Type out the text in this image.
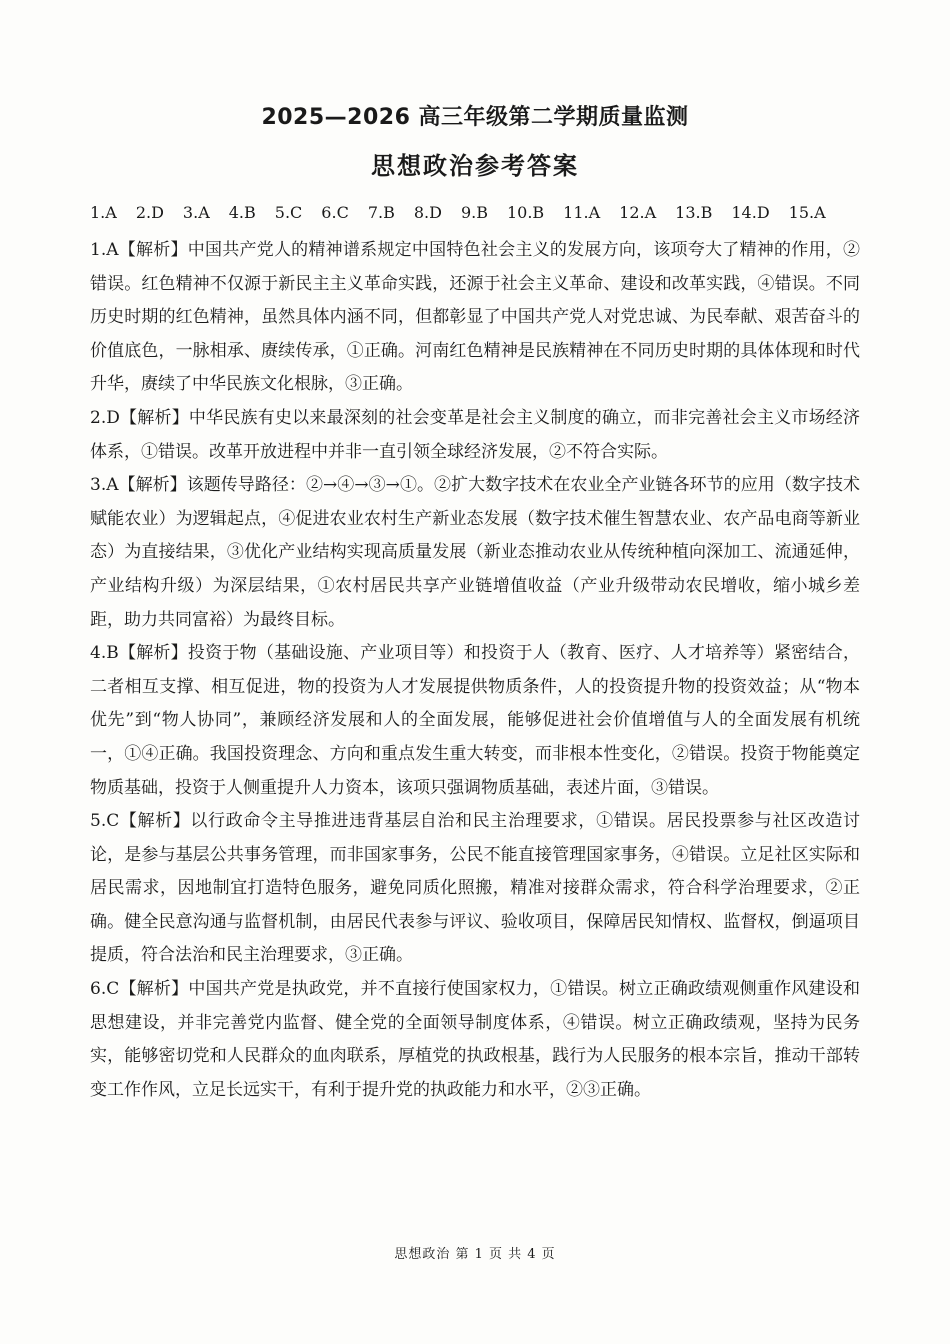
2025—2026 高三年级第二学期质量监测
思想政治参考答案
1.A 2.D 3.A 4.B 5.C 6.C 7.B 8.D 9.B 10.B 11.A 12.A 13.B 14.D 15.A

1.A【解析】中国共产党人的精神谱系规定中国特色社会主义的发展方向，该项夸大了精神的作用，②错误。红色精神不仅源于新民主主义革命实践，还源于社会主义革命、建设和改革实践，④错误。不同历史时期的红色精神，虽然具体内涵不同，但都彰显了中国共产党人对党忠诚、为民奉献、艰苦奋斗的价值底色，一脉相承、赓续传承，①正确。河南红色精神是民族精神在不同历史时期的具体体现和时代升华，赓续了中华民族文化根脉，③正确。

2.D【解析】中华民族有史以来最深刻的社会变革是社会主义制度的确立，而非完善社会主义市场经济体系，①错误。改革开放进程中并非一直引领全球经济发展，②不符合实际。

3.A【解析】该题传导路径：②→④→③→①。②扩大数字技术在农业全产业链各环节的应用（数字技术赋能农业）为逻辑起点，④促进农业农村生产新业态发展（数字技术催生智慧农业、农产品电商等新业态）为直接结果，③优化产业结构实现高质量发展（新业态推动农业从传统种植向深加工、流通延伸，产业结构升级）为深层结果，①农村居民共享产业链增值收益（产业升级带动农民增收，缩小城乡差距，助力共同富裕）为最终目标。

4.B【解析】投资于物（基础设施、产业项目等）和投资于人（教育、医疗、人才培养等）紧密结合，二者相互支撑、相互促进，物的投资为人才发展提供物质条件，人的投资提升物的投资效益；从“物本优先”到“物人协同”，兼顾经济发展和人的全面发展，能够促进社会价值增值与人的全面发展有机统一，①④正确。我国投资理念、方向和重点发生重大转变，而非根本性变化，②错误。投资于物能奠定物质基础，投资于人侧重提升人力资本，该项只强调物质基础，表述片面，③错误。

5.C【解析】以行政命令主导推进违背基层自治和民主治理要求，①错误。居民投票参与社区改造讨论，是参与基层公共事务管理，而非国家事务，公民不能直接管理国家事务，④错误。立足社区实际和居民需求，因地制宜打造特色服务，避免同质化照搬，精准对接群众需求，符合科学治理要求，②正确。健全民意沟通与监督机制，由居民代表参与评议、验收项目，保障居民知情权、监督权，倒逼项目提质，符合法治和民主治理要求，③正确。

6.C【解析】中国共产党是执政党，并不直接行使国家权力，①错误。树立正确政绩观侧重作风建设和思想建设，并非完善党内监督、健全党的全面领导制度体系，④错误。树立正确政绩观，坚持为民务实，能够密切党和人民群众的血肉联系，厚植党的执政根基，践行为人民服务的根本宗旨，推动干部转变工作作风，立足长远实干，有利于提升党的执政能力和水平，②③正确。

思想政治 第 1 页 共 4 页
